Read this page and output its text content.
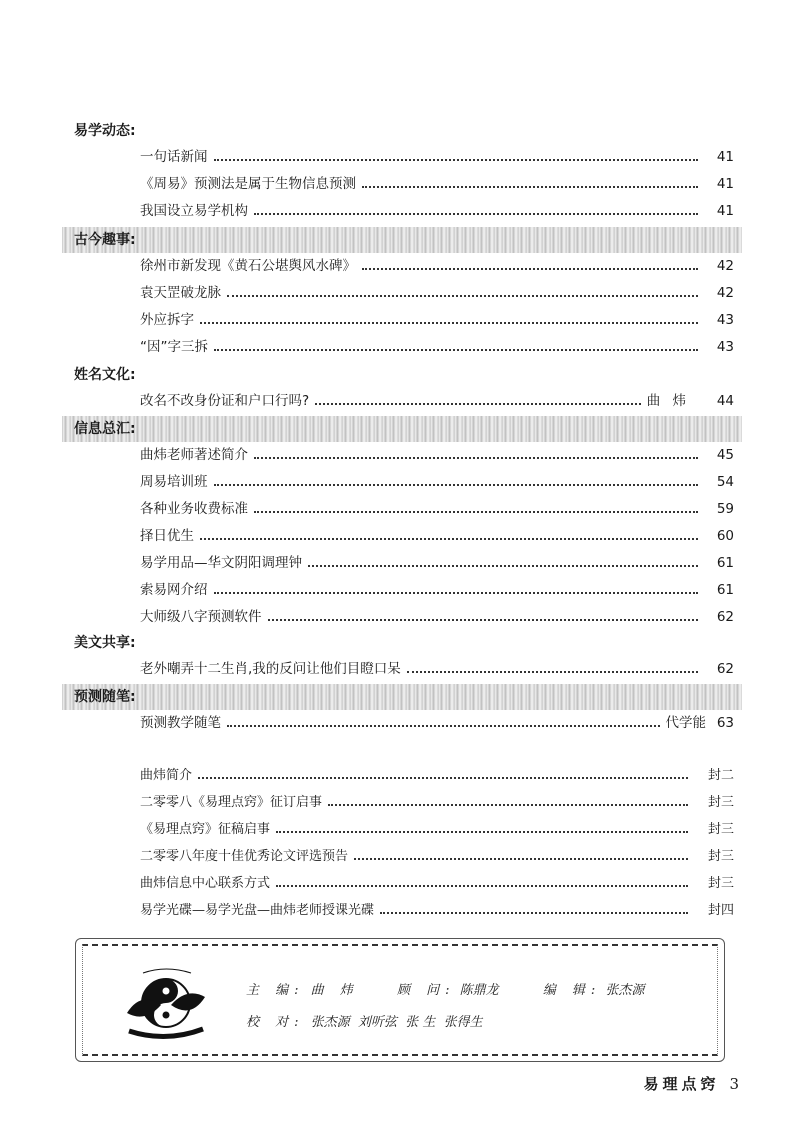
易学动态:
一句话新闻	41
《周易》预测法是属于生物信息预测	41
我国设立易学机构	41
古今趣事:
徐州市新发现《黄石公堪舆风水碑》	42
袁天罡破龙脉	42
外应拆字	43
“因”字三拆	43
姓名文化:
改名不改身份证和户口行吗?	曲 炜	44
信息总汇:
曲炜老师著述简介	45
周易培训班	54
各种业务收费标准	59
择日优生	60
易学用品—华文阴阳调理钟	61
索易网介绍	61
大师级八字预测软件	62
美文共享:
老外嘲弄十二生肖,我的反问让他们目瞪口呆	62
预测随笔:
预测教学随笔	代学能 63
曲炜简介	封二
二零零八《易理点窍》征订启事	封三
《易理点窍》征稿启事	封三
二零零八年度十佳优秀论文评选预告	封三
曲炜信息中心联系方式	封三
易学光碟—易学光盘—曲炜老师授课光碟	封四
主 编: 曲 炜	顾 问: 陈鼎龙	编 辑: 张杰源
校 对: 张杰源  刘听弦  张 生  张得生
易理点窍 3
